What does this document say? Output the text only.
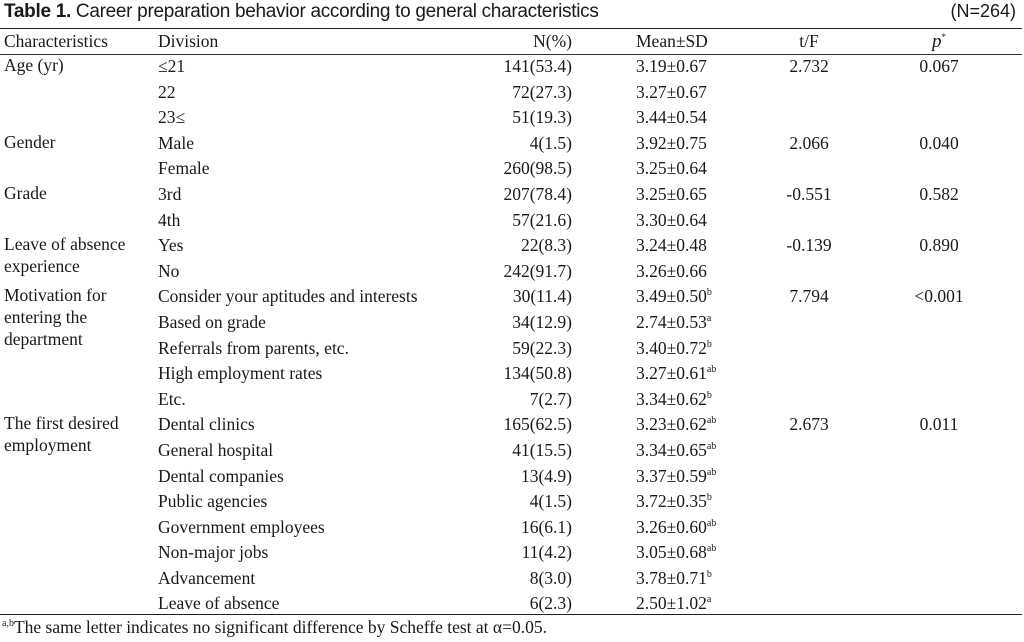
Table 1. Career preparation behavior according to general characteristics	(N=264)
Characteristics	Division	N(%)	Mean±SD	t/F	p*
Age (yr)	≤21	141(53.4)	3.19±0.67	2.732	0.067
	22	72(27.3)	3.27±0.67		
	23≤	51(19.3)	3.44±0.54		
Gender	Male	4(1.5)	3.92±0.75	2.066	0.040
	Female	260(98.5)	3.25±0.64		
Grade	3rd	207(78.4)	3.25±0.65	-0.551	0.582
	4th	57(21.6)	3.30±0.64		
Leave of absence experience	Yes	22(8.3)	3.24±0.48	-0.139	0.890
	No	242(91.7)	3.26±0.66		
Motivation for entering the department	Consider your aptitudes and interests	30(11.4)	3.49±0.50$^b$	7.794	<0.001
	Based on grade	34(12.9)	2.74±0.53$^a$
	Referrals from parents, etc.	59(22.3)	3.40±0.72$^b$
	High employment rates	134(50.8)	3.27±0.61$^{ab}$
	Etc.	7(2.7)	3.34±0.62$^b$
The first desired employment	Dental clinics	165(62.5)	3.23±0.62$^{ab}$	2.673	0.011
	General hospital	41(15.5)	3.34±0.65$^{ab}$
	Dental companies	13(4.9)	3.37±0.59$^{ab}$
	Public agencies	4(1.5)	3.72±0.35$^b$
	Government employees	16(6.1)	3.26±0.60$^{ab}$
	Non-major jobs	11(4.2)	3.05±0.68$^{ab}$
	Advancement	8(3.0)	3.78±0.71$^b$
	Leave of absence	6(2.3)	2.50±1.02$^a$
$^{a,b}$The same letter indicates no significant difference by Scheffe test at α=0.05.
